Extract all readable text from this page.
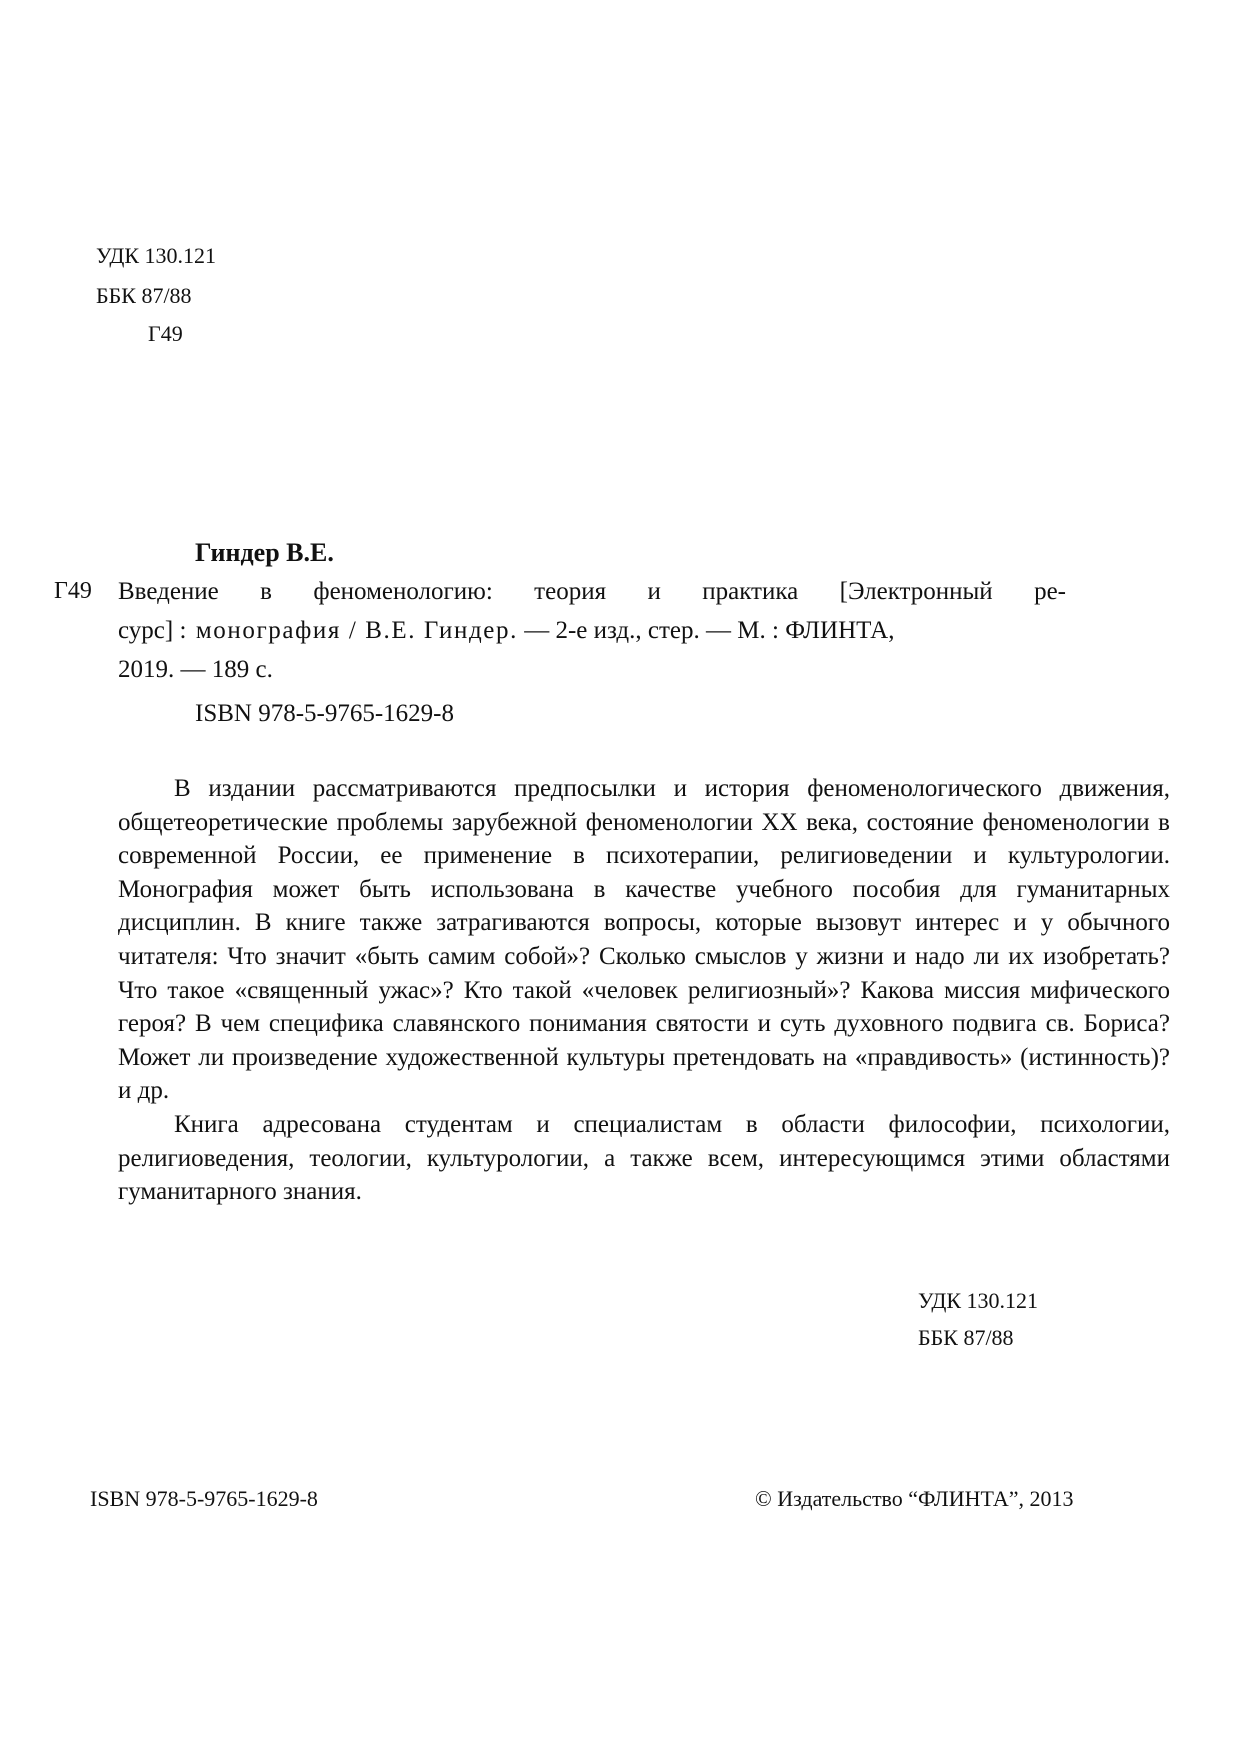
УДК 130.121
ББК 87/88
Г49
Гиндер В.Е.
Г49 Введение в феноменологию: теория и практика [Электронный ре-
сурс] : монография / В.Е. Гиндер. — 2-е изд., стер. — М. : ФЛИНТА,
2019. — 189 с.
ISBN 978-5-9765-1629-8

В издании рассматриваются предпосылки и история феноменологического движения, общетеоретические проблемы зарубежной феноменологии XX века, состояние феноменологии в современной России, ее применение в психотерапии, религиоведении и культурологии. Монография может быть использована в качестве учебного пособия для гуманитарных дисциплин. В книге также затрагиваются вопросы, которые вызовут интерес и у обычного читателя: Что значит «быть самим собой»? Сколько смыслов у жизни и надо ли их изобретать? Что такое «священный ужас»? Кто такой «человек религиозный»? Какова миссия мифического героя? В чем специфика славянского понимания святости и суть духовного подвига св. Бориса? Может ли произведение художественной культуры претендовать на «правдивость» (истинность)? и др.

Книга адресована студентам и специалистам в области философии, психологии, религиоведения, теологии, культурологии, а также всем, интересующимся этими областями гуманитарного знания.

УДК 130.121
ББК 87/88
ISBN 978-5-9765-1629-8	© Издательство “ФЛИНТА”, 2013
